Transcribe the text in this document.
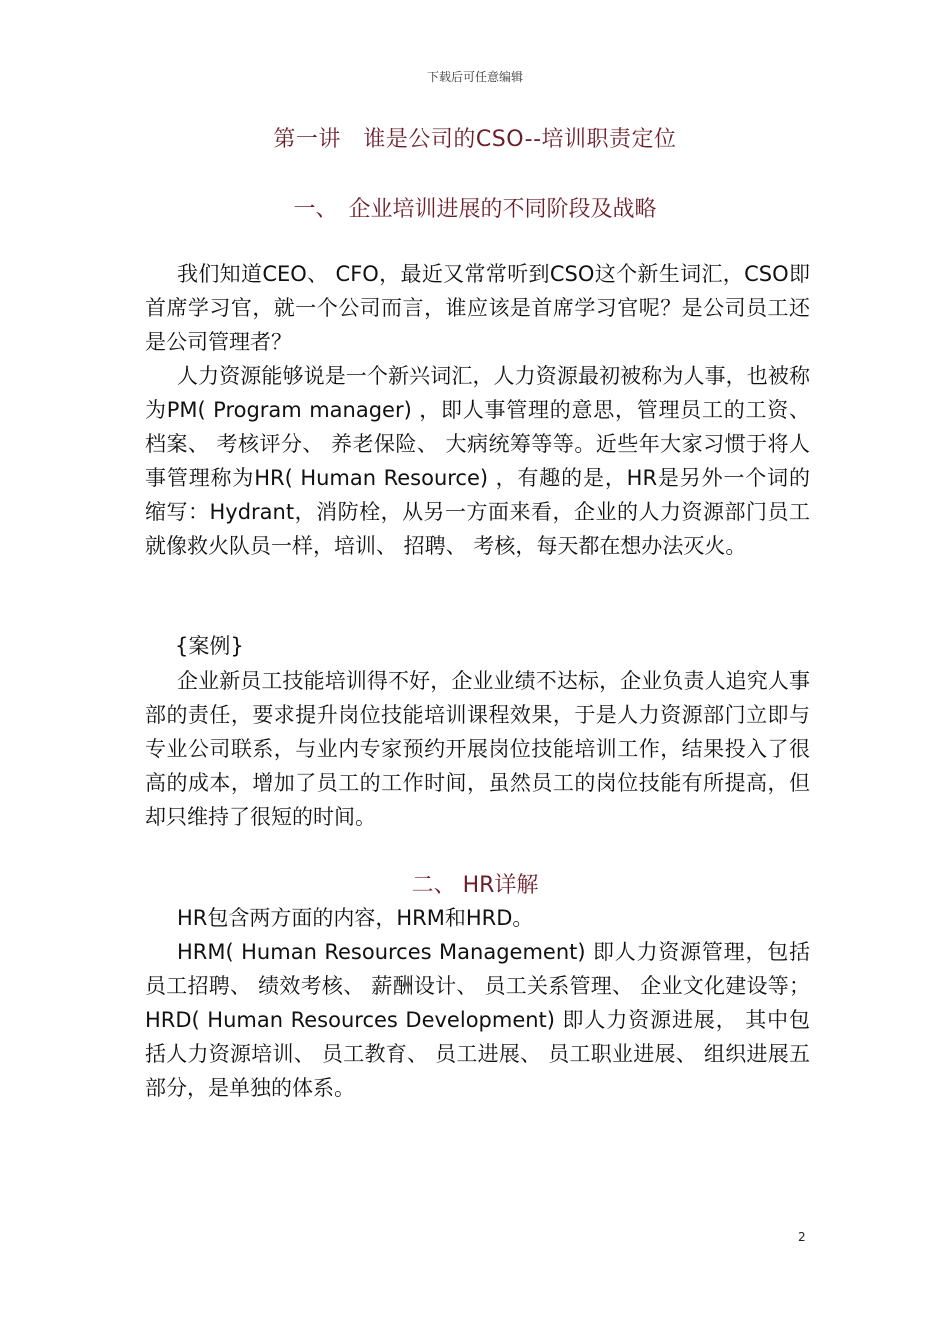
下载后可任意编辑
第一讲　谁是公司的CSO--培训职责定位
一、　企业培训进展的不同阶段及战略

我们知道CEO、 CFO，最近又常常听到CSO这个新生词汇，CSO即首席学习官，就一个公司而言，谁应该是首席学习官呢？是公司员工还是公司管理者？

人力资源能够说是一个新兴词汇，人力资源最初被称为人事，也被称为PM( Program manager) ，即人事管理的意思，管理员工的工资、 档案、 考核评分、 养老保险、 大病统筹等等。近些年大家习惯于将人事管理称为HR( Human Resource) ，有趣的是，HR是另外一个词的缩写：Hydrant，消防栓，从另一方面来看，企业的人力资源部门员工就像救火队员一样，培训、 招聘、 考核，每天都在想办法灭火。

{案例}

企业新员工技能培训得不好，企业业绩不达标，企业负责人追究人事部的责任，要求提升岗位技能培训课程效果，于是人力资源部门立即与专业公司联系，与业内专家预约开展岗位技能培训工作，结果投入了很高的成本，增加了员工的工作时间，虽然员工的岗位技能有所提高，但却只维持了很短的时间。

二、 HR详解

HR包含两方面的内容，HRM和HRD。

HRM( Human Resources Management) 即人力资源管理，包括员工招聘、 绩效考核、 薪酬设计、 员工关系管理、 企业文化建设等；HRD( Human Resources Development) 即人力资源进展， 其中包括人力资源培训、 员工教育、 员工进展、 员工职业进展、 组织进展五部分，是单独的体系。

2
